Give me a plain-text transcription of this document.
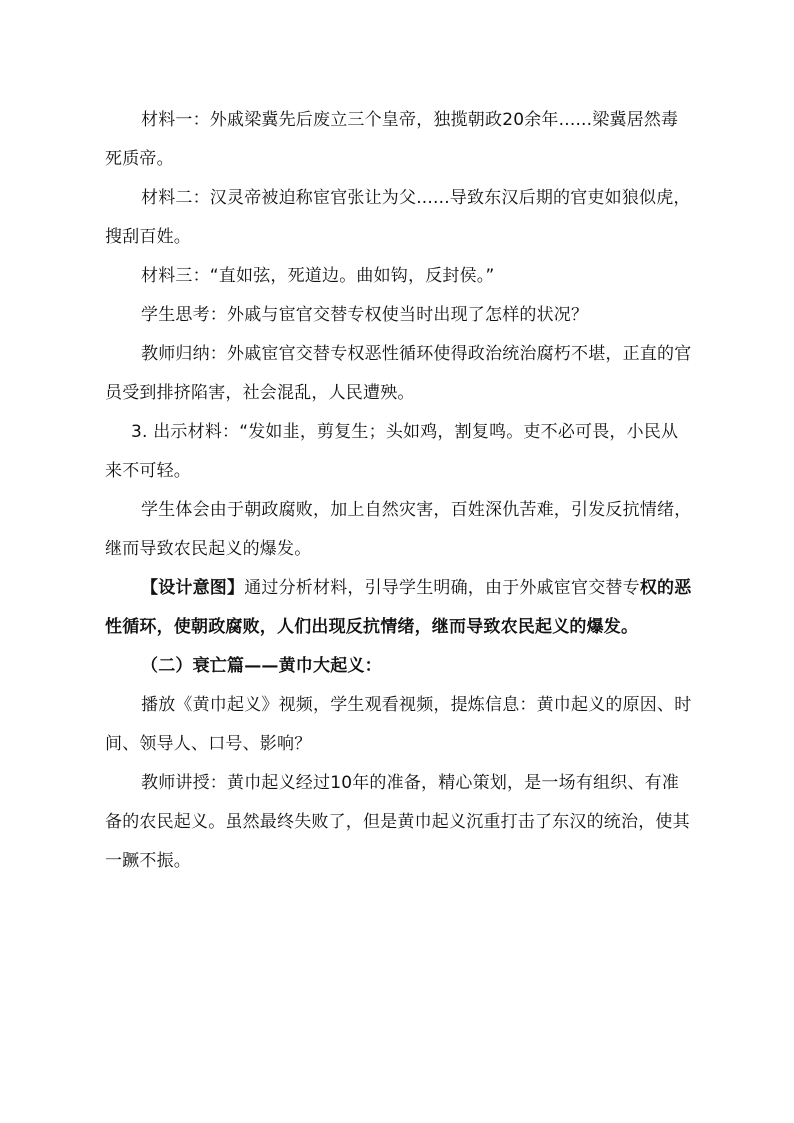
材料一：外戚梁冀先后废立三个皇帝，独揽朝政20余年......梁冀居然毒死质帝。

材料二：汉灵帝被迫称宦官张让为父......导致东汉后期的官吏如狼似虎，搜刮百姓。

材料三：“直如弦，死道边。曲如钩，反封侯。”

学生思考：外戚与宦官交替专权使当时出现了怎样的状况？

教师归纳：外戚宦官交替专权恶性循环使得政治统治腐朽不堪，正直的官员受到排挤陷害，社会混乱，人民遭殃。

3. 出示材料：“发如韭，剪复生；头如鸡，割复鸣。吏不必可畏，小民从来不可轻。

学生体会由于朝政腐败，加上自然灾害，百姓深仇苦难，引发反抗情绪，继而导致农民起义的爆发。

【设计意图】通过分析材料，引导学生明确，由于外戚宦官交替专权的恶性循环，使朝政腐败，人们出现反抗情绪，继而导致农民起义的爆发。

（二）衰亡篇——黄巾大起义：

播放《黄巾起义》视频，学生观看视频，提炼信息：黄巾起义的原因、时间、领导人、口号、影响？

教师讲授：黄巾起义经过10年的准备，精心策划，是一场有组织、有准备的农民起义。虽然最终失败了，但是黄巾起义沉重打击了东汉的统治，使其一蹶不振。
